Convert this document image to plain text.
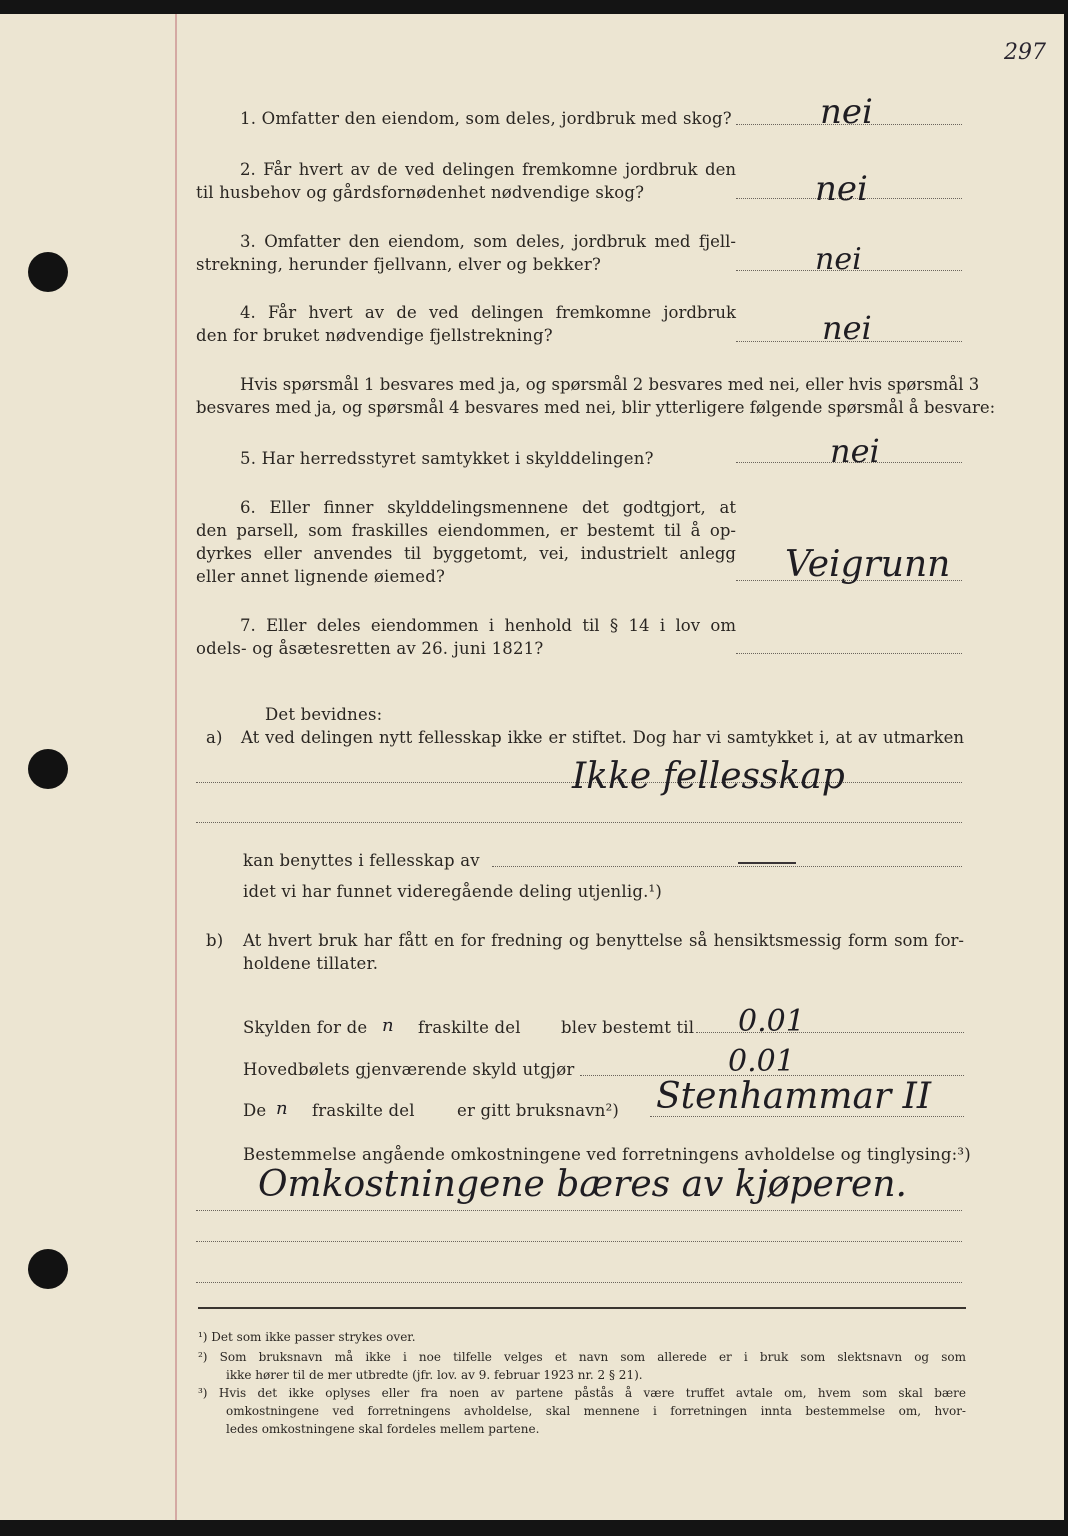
297
1. Omfatter den eiendom, som deles, jordbruk med skog?	nei
2. Får hvert av de ved delingen fremkomne jordbruk den
til husbehov og gårdsfornødenhet nødvendige skog?	nei
3. Omfatter den eiendom, som deles, jordbruk med fjell-
strekning, herunder fjellvann, elver og bekker?	nei
4. Får hvert av de ved delingen fremkomne jordbruk
den for bruket nødvendige fjellstrekning?	nei
Hvis spørsmål 1 besvares med ja, og spørsmål 2 besvares med nei, eller hvis spørsmål 3
besvares med ja, og spørsmål 4 besvares med nei, blir ytterligere følgende spørsmål å besvare:
5. Har herredsstyret samtykket i skylddelingen?	nei
6. Eller finner skylddelingsmennene det godtgjort, at
den parsell, som fraskilles eiendommen, er bestemt til å op-
dyrkes eller anvendes til byggetomt, vei, industrielt anlegg
eller annet lignende øiemed?	Veigrunn
7. Eller deles eiendommen i henhold til § 14 i lov om
odels- og åsætesretten av 26. juni 1821?
Det bevidnes:
a) At ved delingen nytt fellesskap ikke er stiftet. Dog har vi samtykket i, at av utmarken
Ikke fellesskap
kan benyttes i fellesskap av
idet vi har funnet videregående deling utjenlig.¹)
b) At hvert bruk har fått en for fredning og benyttelse så hensiktsmessig form som for-
holdene tillater.
Skylden for de n fraskilte del blev bestemt til 0.01
Hovedbølets gjenværende skyld utgjør	0.01
De n fraskilte del	er gitt bruksnavn²) Stenhammar II
Bestemmelse angående omkostningene ved forretningens avholdelse og tinglysing:³)
Omkostningene bæres av kjøperen.
¹) Det som ikke passer strykes over.
²) Som bruksnavn må ikke i noe tilfelle velges et navn som allerede er i bruk som slektsnavn og som
ikke hører til de mer utbredte (jfr. lov. av 9. februar 1923 nr. 2 § 21).
³) Hvis det ikke oplyses eller fra noen av partene påstås å være truffet avtale om, hvem som skal bære
omkostningene ved forretningens avholdelse, skal mennene i forretningen innta bestemmelse om, hvor-
ledes omkostningene skal fordeles mellem partene.
